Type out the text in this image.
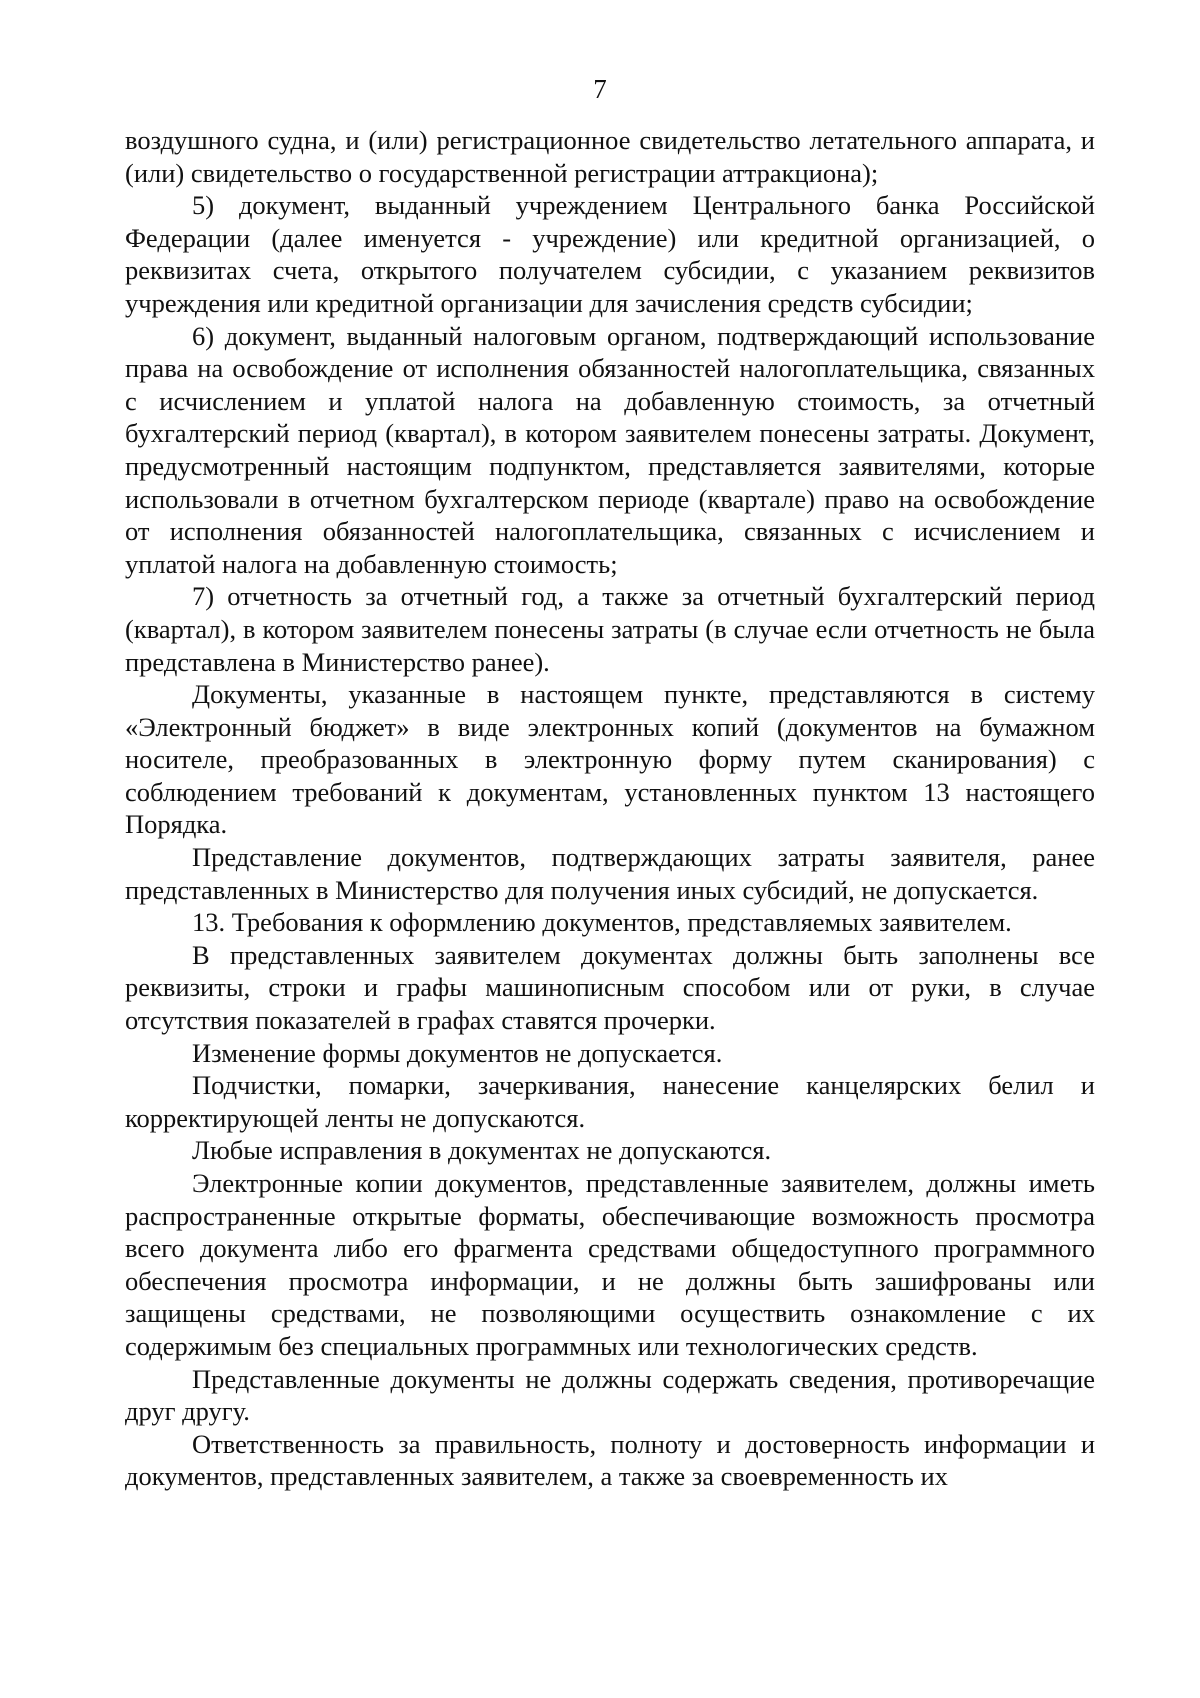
7

воздушного судна, и (или) регистрационное свидетельство летательного аппарата, и (или) свидетельство о государственной регистрации аттракциона);

5) документ, выданный учреждением Центрального банка Российской Федерации (далее именуется - учреждение) или кредитной организацией, о реквизитах счета, открытого получателем субсидии, с указанием реквизитов учреждения или кредитной организации для зачисления средств субсидии;

6) документ, выданный налоговым органом, подтверждающий использование права на освобождение от исполнения обязанностей налогоплательщика, связанных с исчислением и уплатой налога на добавленную стоимость, за отчетный бухгалтерский период (квартал), в котором заявителем понесены затраты. Документ, предусмотренный настоящим подпунктом, представляется заявителями, которые использовали в отчетном бухгалтерском периоде (квартале) право на освобождение от исполнения обязанностей налогоплательщика, связанных с исчислением и уплатой налога на добавленную стоимость;

7) отчетность за отчетный год, а также за отчетный бухгалтерский период (квартал), в котором заявителем понесены затраты (в случае если отчетность не была представлена в Министерство ранее).

Документы, указанные в настоящем пункте, представляются в систему «Электронный бюджет» в виде электронных копий (документов на бумажном носителе, преобразованных в электронную форму путем сканирования) с соблюдением требований к документам, установленных пунктом 13 настоящего Порядка.

Представление документов, подтверждающих затраты заявителя, ранее представленных в Министерство для получения иных субсидий, не допускается.

13. Требования к оформлению документов, представляемых заявителем.

В представленных заявителем документах должны быть заполнены все реквизиты, строки и графы машинописным способом или от руки, в случае отсутствия показателей в графах ставятся прочерки.

Изменение формы документов не допускается.

Подчистки, помарки, зачеркивания, нанесение канцелярских белил и корректирующей ленты не допускаются.

Любые исправления в документах не допускаются.

Электронные копии документов, представленные заявителем, должны иметь распространенные открытые форматы, обеспечивающие возможность просмотра всего документа либо его фрагмента средствами общедоступного программного обеспечения просмотра информации, и не должны быть зашифрованы или защищены средствами, не позволяющими осуществить ознакомление с их содержимым без специальных программных или технологических средств.

Представленные документы не должны содержать сведения, противоречащие друг другу.

Ответственность за правильность, полноту и достоверность информации и документов, представленных заявителем, а также за своевременность их
